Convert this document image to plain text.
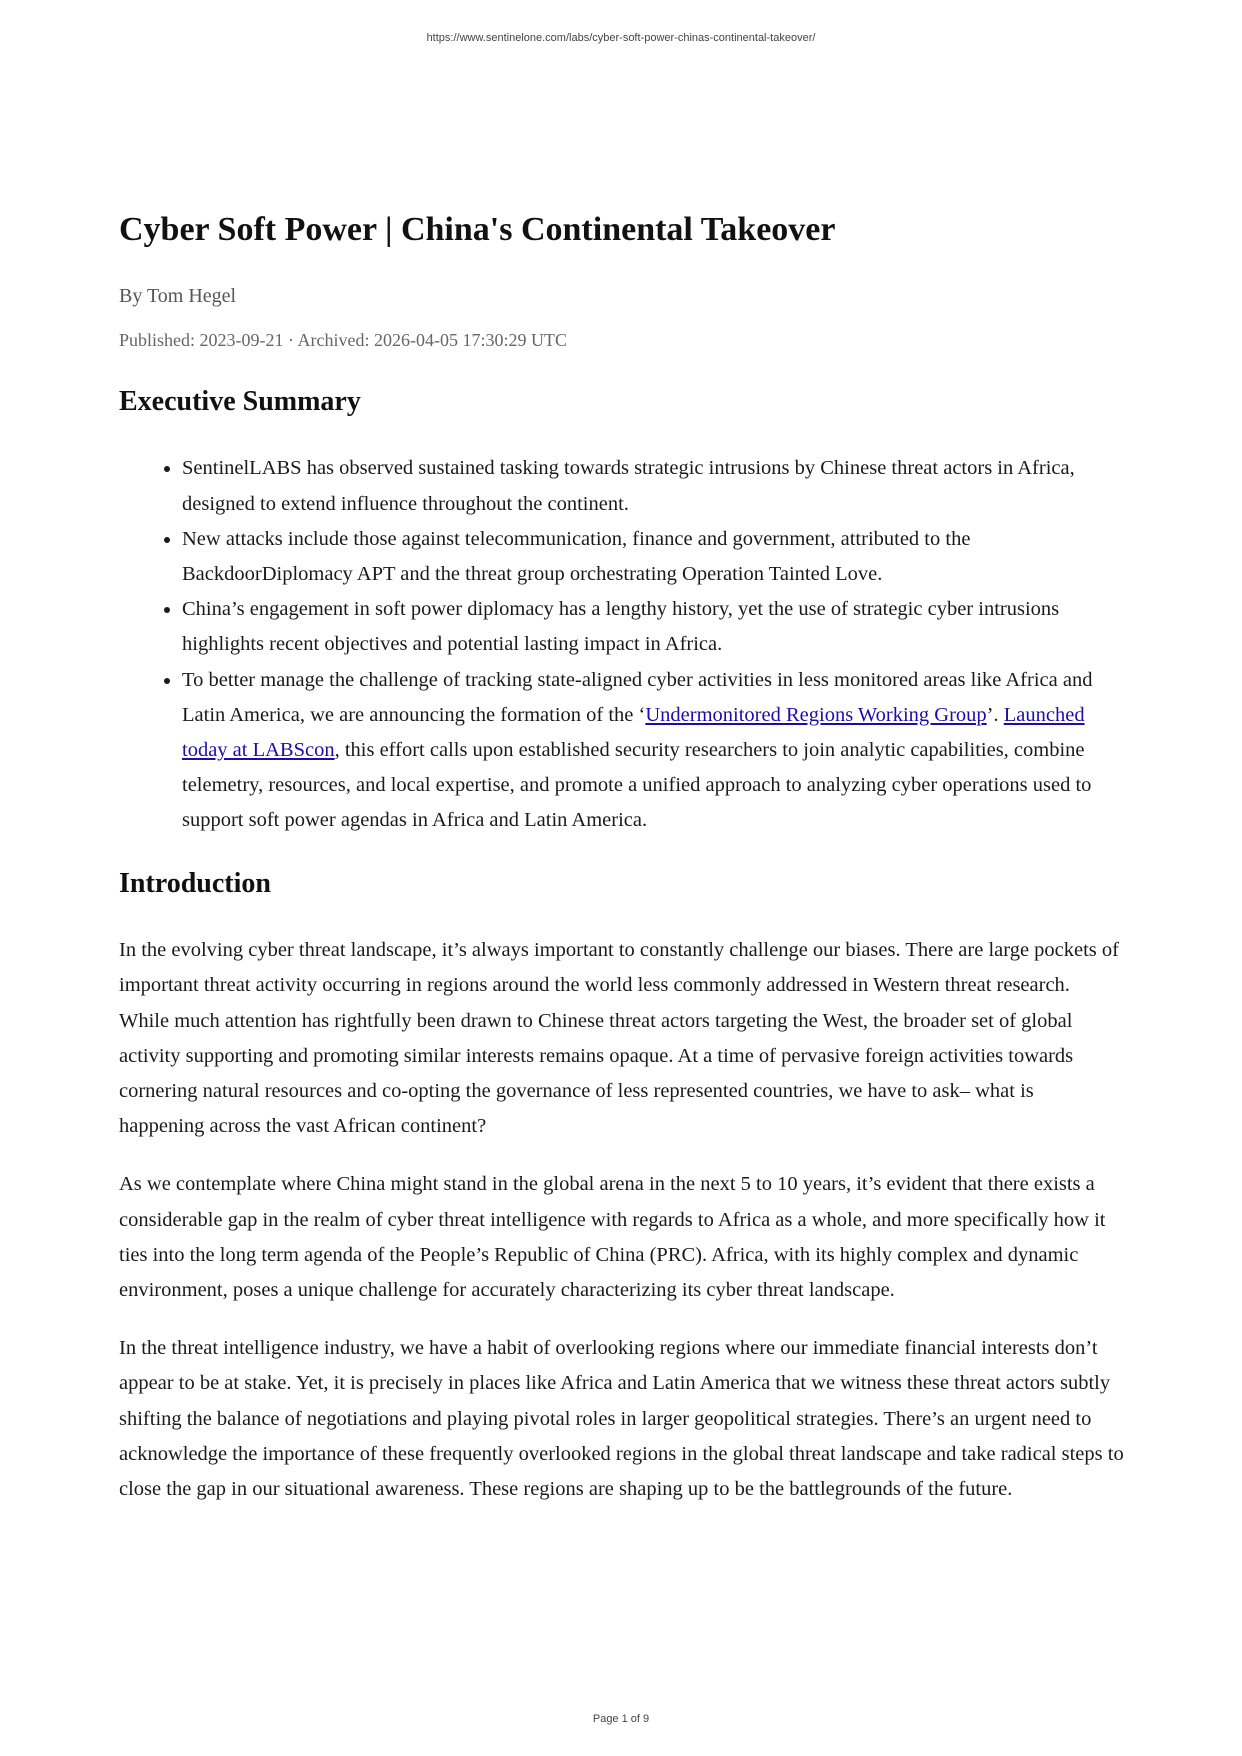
https://www.sentinelone.com/labs/cyber-soft-power-chinas-continental-takeover/
Cyber Soft Power | China's Continental Takeover
By Tom Hegel
Published: 2023-09-21 · Archived: 2026-04-05 17:30:29 UTC
Executive Summary
• SentinelLABS has observed sustained tasking towards strategic intrusions by Chinese threat actors in Africa, designed to extend influence throughout the continent.
• New attacks include those against telecommunication, finance and government, attributed to the BackdoorDiplomacy APT and the threat group orchestrating Operation Tainted Love.
• China’s engagement in soft power diplomacy has a lengthy history, yet the use of strategic cyber intrusions highlights recent objectives and potential lasting impact in Africa.
• To better manage the challenge of tracking state-aligned cyber activities in less monitored areas like Africa and Latin America, we are announcing the formation of the ‘Undermonitored Regions Working Group’. Launched today at LABScon, this effort calls upon established security researchers to join analytic capabilities, combine telemetry, resources, and local expertise, and promote a unified approach to analyzing cyber operations used to support soft power agendas in Africa and Latin America.
Introduction

In the evolving cyber threat landscape, it’s always important to constantly challenge our biases. There are large pockets of important threat activity occurring in regions around the world less commonly addressed in Western threat research. While much attention has rightfully been drawn to Chinese threat actors targeting the West, the broader set of global activity supporting and promoting similar interests remains opaque. At a time of pervasive foreign activities towards cornering natural resources and co-opting the governance of less represented countries, we have to ask– what is happening across the vast African continent?

As we contemplate where China might stand in the global arena in the next 5 to 10 years, it’s evident that there exists a considerable gap in the realm of cyber threat intelligence with regards to Africa as a whole, and more specifically how it ties into the long term agenda of the People’s Republic of China (PRC). Africa, with its highly complex and dynamic environment, poses a unique challenge for accurately characterizing its cyber threat landscape.

In the threat intelligence industry, we have a habit of overlooking regions where our immediate financial interests don’t appear to be at stake. Yet, it is precisely in places like Africa and Latin America that we witness these threat actors subtly shifting the balance of negotiations and playing pivotal roles in larger geopolitical strategies. There’s an urgent need to acknowledge the importance of these frequently overlooked regions in the global threat landscape and take radical steps to close the gap in our situational awareness. These regions are shaping up to be the battlegrounds of the future.

Page 1 of 9
